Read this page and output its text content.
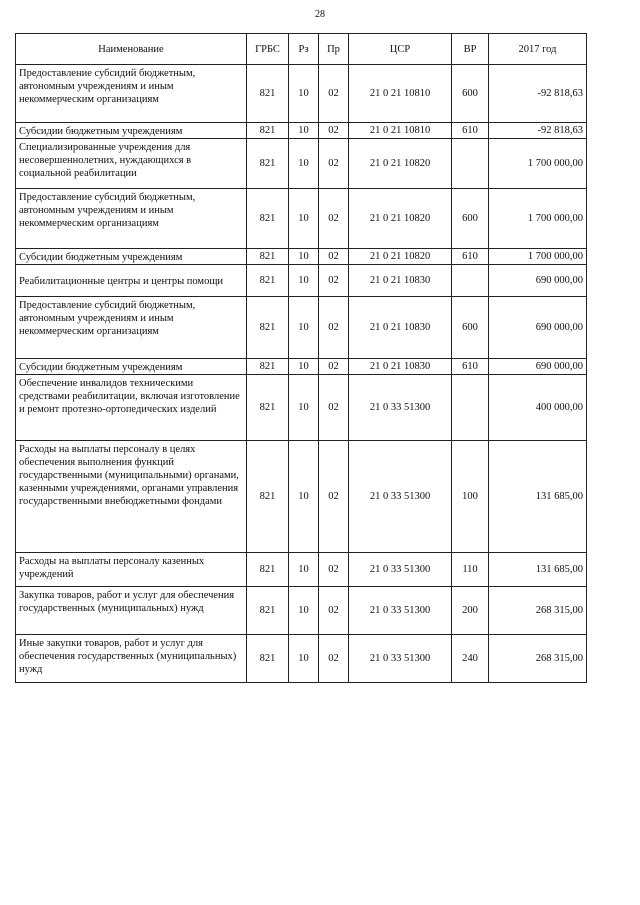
28
Наименование	ГРБС	Рз	Пр	ЦСР	ВР	2017 год
Предоставление субсидий бюджетным, автономным учреждениям и иным некоммерческим организациям	821	10	02	21 0 21 10810	600	-92 818,63
Субсидии бюджетным учреждениям	821	10	02	21 0 21 10810	610	-92 818,63
Специализированные учреждения для несовершеннолетних, нуждающихся в социальной реабилитации	821	10	02	21 0 21 10820		1 700 000,00
Предоставление субсидий бюджетным, автономным учреждениям и иным некоммерческим организациям	821	10	02	21 0 21 10820	600	1 700 000,00
Субсидии бюджетным учреждениям	821	10	02	21 0 21 10820	610	1 700 000,00
Реабилитационные центры и центры помощи	821	10	02	21 0 21 10830		690 000,00
Предоставление субсидий бюджетным, автономным учреждениям и иным некоммерческим организациям	821	10	02	21 0 21 10830	600	690 000,00
Субсидии бюджетным учреждениям	821	10	02	21 0 21 10830	610	690 000,00
Обеспечение инвалидов техническими средствами реабилитации, включая изготовление и ремонт протезно-ортопедических изделий	821	10	02	21 0 33 51300		400 000,00
Расходы на выплаты персоналу в целях обеспечения выполнения функций государственными (муниципальными) органами, казенными учреждениями, органами управления государственными внебюджетными фондами	821	10	02	21 0 33 51300	100	131 685,00
Расходы на выплаты персоналу казенных учреждений	821	10	02	21 0 33 51300	110	131 685,00
Закупка товаров, работ и услуг для обеспечения государственных (муниципальных) нужд	821	10	02	21 0 33 51300	200	268 315,00
Иные закупки товаров, работ и услуг для обеспечения государственных (муниципальных) нужд	821	10	02	21 0 33 51300	240	268 315,00
